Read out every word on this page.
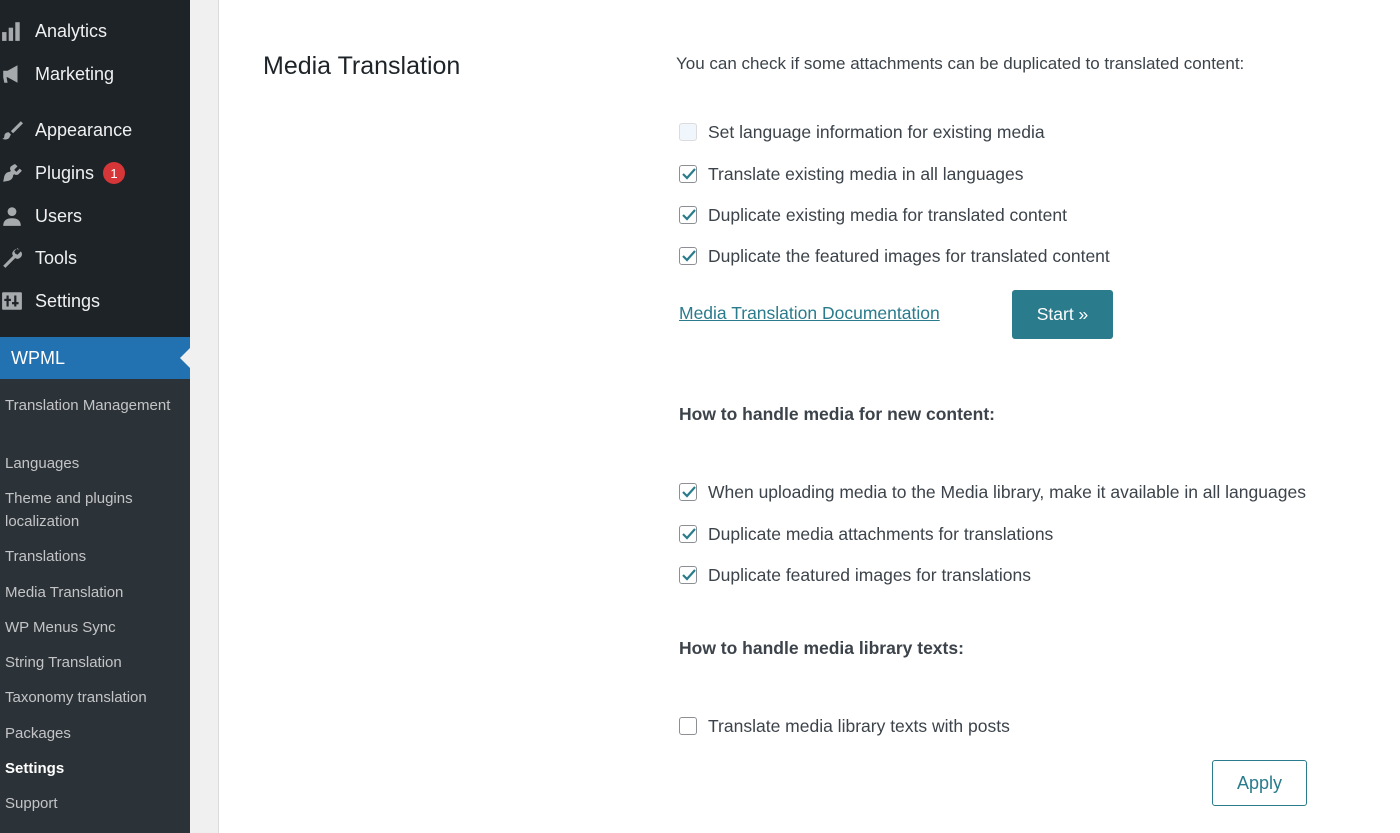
Analytics
Marketing
Appearance
Plugins	1
Users
Tools
Settings
WPML
Translation Management
Languages
Theme and plugins localization
Translations
Media Translation
WP Menus Sync
String Translation
Taxonomy translation
Packages
Settings
Support
Media Translation	You can check if some attachments can be duplicated to translated content:
Set language information for existing media
Translate existing media in all languages
Duplicate existing media for translated content
Duplicate the featured images for translated content
Media Translation Documentation	Start »
How to handle media for new content:
When uploading media to the Media library, make it available in all languages
Duplicate media attachments for translations
Duplicate featured images for translations
How to handle media library texts:
Translate media library texts with posts
Apply
